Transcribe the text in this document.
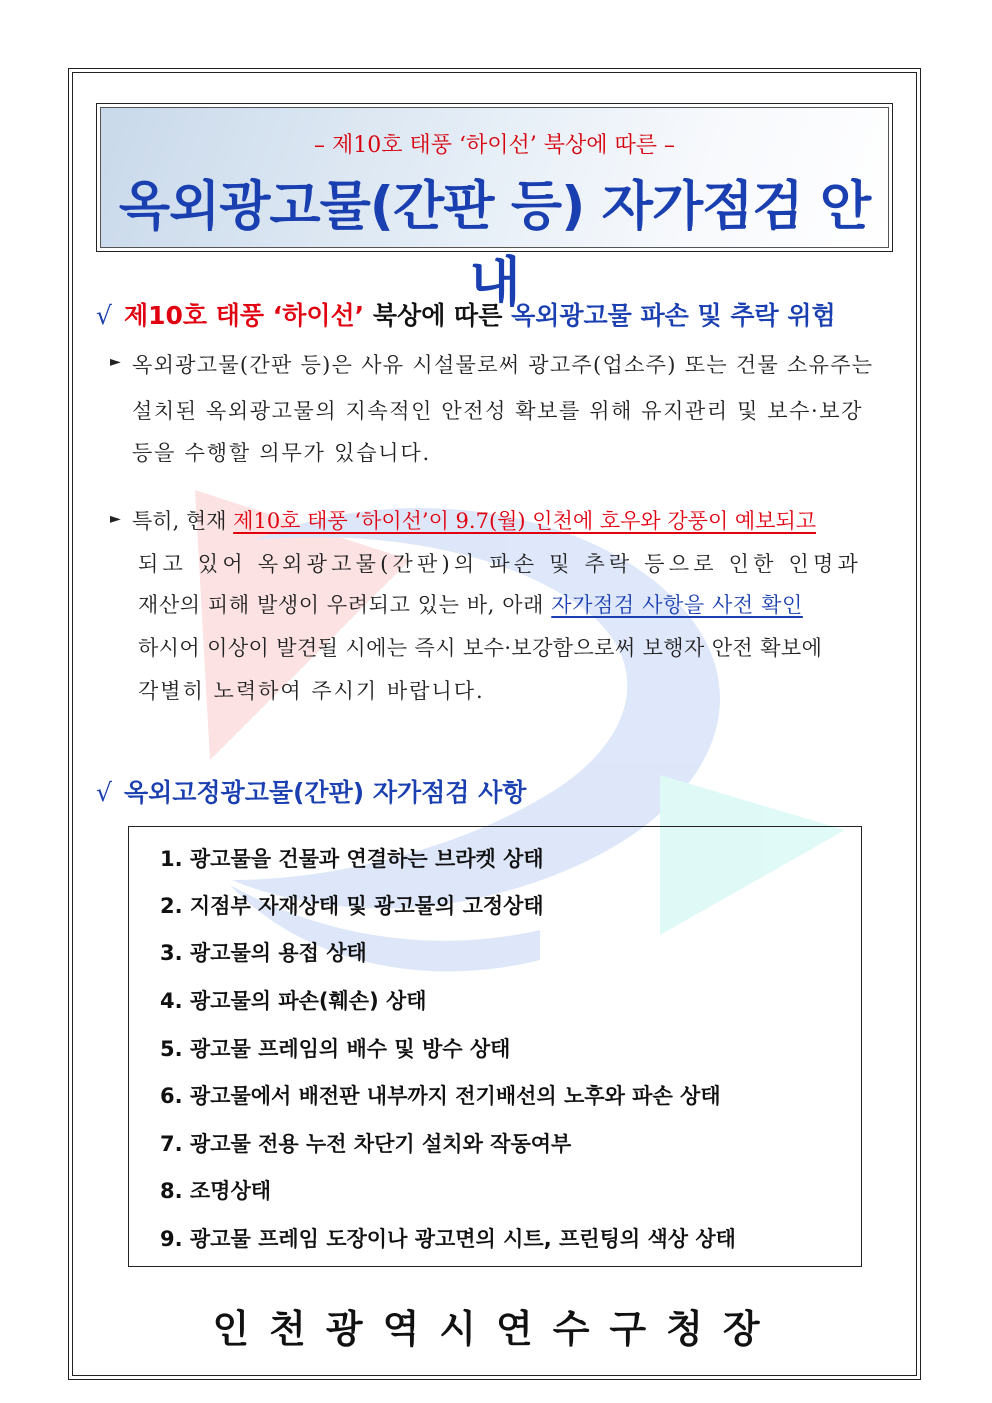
– 제10호 태풍 ‘하이선’ 북상에 따른 –
옥외광고물(간판 등) 자가점검 안내
√ 제10호 태풍 ‘하이선’ 북상에 따른 옥외광고물 파손 및 추락 위험
► 옥외광고물(간판 등)은 사유 시설물로써 광고주(업소주) 또는 건물 소유주는
설치된 옥외광고물의 지속적인 안전성 확보를 위해 유지관리 및 보수·보강
등을 수행할 의무가 있습니다.
► 특히, 현재 제10호 태풍 ‘하이선’이 9.7(월) 인천에 호우와 강풍이 예보되고
되고 있어 옥외광고물(간판)의 파손 및 추락 등으로 인한 인명과
재산의 피해 발생이 우려되고 있는 바, 아래 자가점검 사항을 사전 확인
하시어 이상이 발견될 시에는 즉시 보수·보강함으로써 보행자 안전 확보에
각별히 노력하여 주시기 바랍니다.
√ 옥외고정광고물(간판) 자가점검 사항
1. 광고물을 건물과 연결하는 브라켓 상태
2. 지점부 자재상태 및 광고물의 고정상태
3. 광고물의 용접 상태
4. 광고물의 파손(훼손) 상태
5. 광고물 프레임의 배수 및 방수 상태
6. 광고물에서 배전판 내부까지 전기배선의 노후와 파손 상태
7. 광고물 전용 누전 차단기 설치와 작동여부
8. 조명상태
9. 광고물 프레임 도장이나 광고면의 시트, 프린팅의 색상 상태
인천광역시연수구청장
